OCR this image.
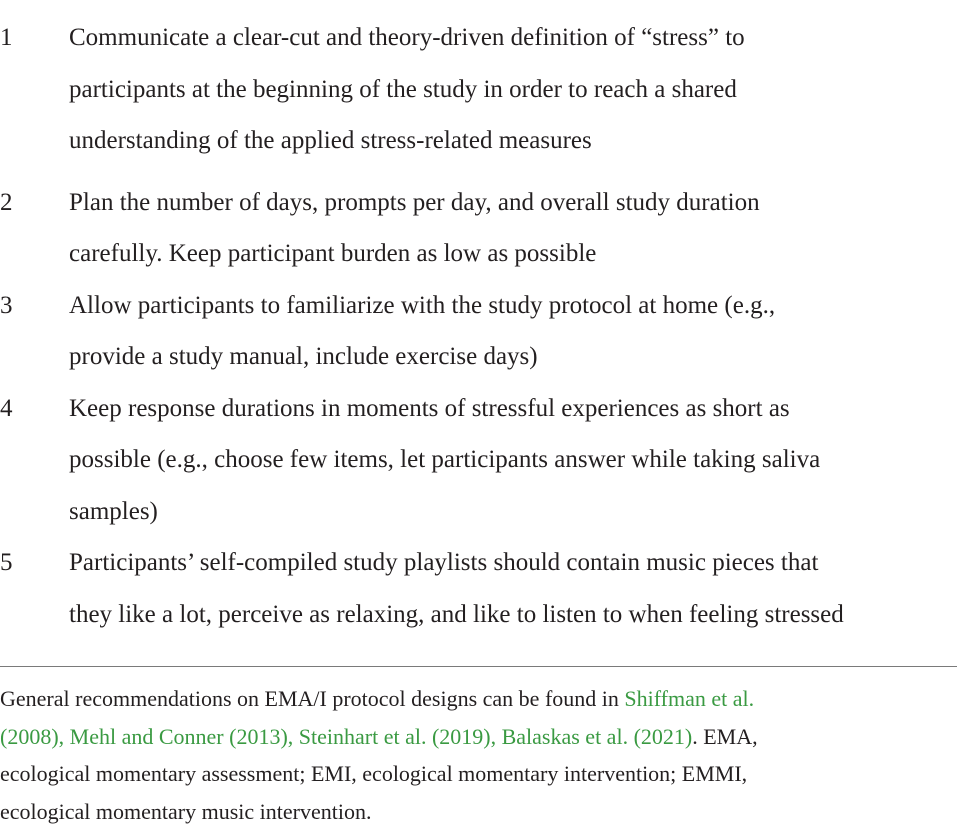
1	Communicate a clear-cut and theory-driven definition of “stress” to
participants at the beginning of the study in order to reach a shared
understanding of the applied stress-related measures
2	Plan the number of days, prompts per day, and overall study duration
carefully. Keep participant burden as low as possible
3	Allow participants to familiarize with the study protocol at home (e.g.,
provide a study manual, include exercise days)
4	Keep response durations in moments of stressful experiences as short as
possible (e.g., choose few items, let participants answer while taking saliva
samples)
5	Participants’ self-compiled study playlists should contain music pieces that
they like a lot, perceive as relaxing, and like to listen to when feeling stressed
General recommendations on EMA/I protocol designs can be found in Shiffman et al.
(2008), Mehl and Conner (2013), Steinhart et al. (2019), Balaskas et al. (2021). EMA,
ecological momentary assessment; EMI, ecological momentary intervention; EMMI,
ecological momentary music intervention.
